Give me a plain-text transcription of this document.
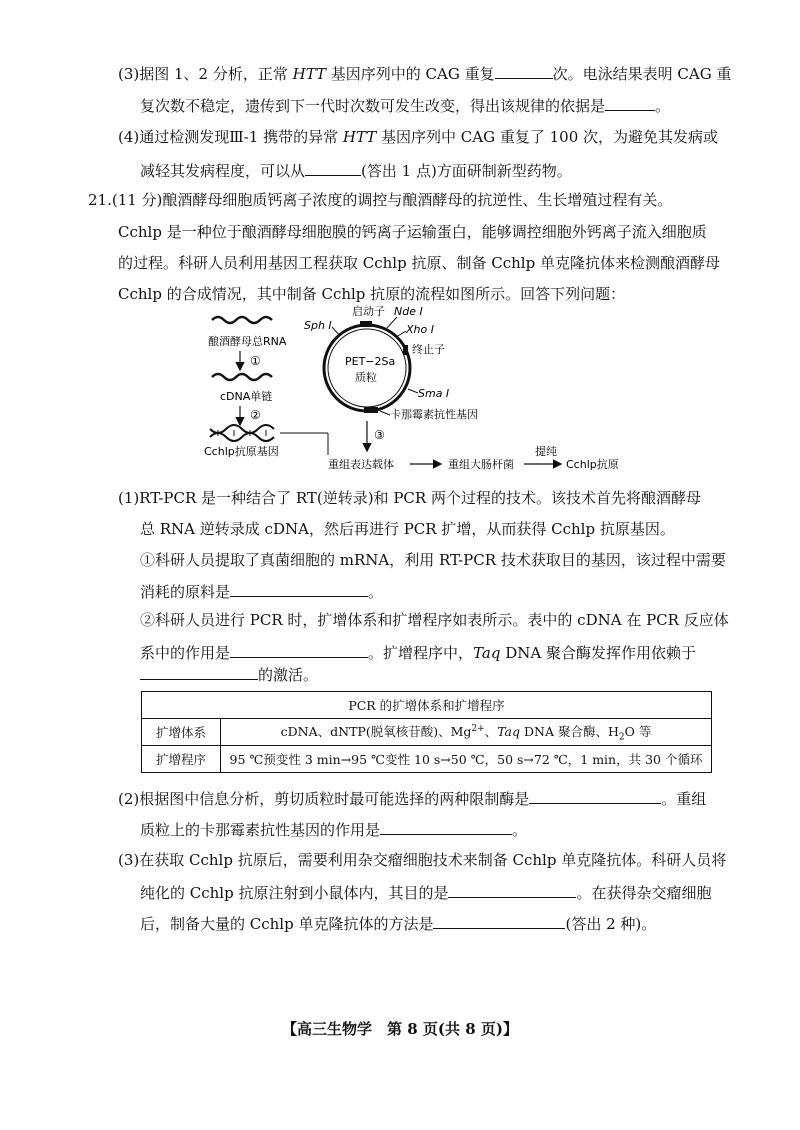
(3)据图 1、2 分析，正常 HTT 基因序列中的 CAG 重复	次。电泳结果表明 CAG 重
复次数不稳定，遗传到下一代时次数可发生改变，得出该规律的依据是	。
(4)通过检测发现Ⅲ-1 携带的异常 HTT 基因序列中 CAG 重复了 100 次，为避免其发病或
减轻其发病程度，可以从	(答出 1 点)方面研制新型药物。
21.(11 分)酿酒酵母细胞质钙离子浓度的调控与酿酒酵母的抗逆性、生长增殖过程有关。
Cchlp 是一种位于酿酒酵母细胞膜的钙离子运输蛋白，能够调控细胞外钙离子流入细胞质
的过程。科研人员利用基因工程获取 Cchlp 抗原、制备 Cchlp 单克隆抗体来检测酿酒酵母
Cchlp 的合成情况，其中制备 Cchlp 抗原的流程如图所示。回答下列问题：
酿酒酵母总RNA
①
cDNA单链
②
Cchlp抗原基因
PET−2Sa
质粒
启动子 Nde Ⅰ
Xho Ⅰ
Sph Ⅰ
终止子
Sma Ⅰ
卡那霉素抗性基因
③
重组表达载体	重组大肠杆菌
提纯
Cchlp抗原
(1)RT-PCR 是一种结合了 RT(逆转录)和 PCR 两个过程的技术。该技术首先将酿酒酵母
总 RNA 逆转录成 cDNA，然后再进行 PCR 扩增，从而获得 Cchlp 抗原基因。
①科研人员提取了真菌细胞的 mRNA，利用 RT-PCR 技术获取目的基因，该过程中需要
消耗的原料是	。
②科研人员进行 PCR 时，扩增体系和扩增程序如表所示。表中的 cDNA 在 PCR 反应体
系中的作用是	。扩增程序中，Taq DNA 聚合酶发挥作用依赖于
的激活。
PCR 的扩增体系和扩增程序	
扩增体系	cDNA、dNTP(脱氧核苷酸)、$Mg^{2+}$、Taq DNA 聚合酶、$H_2O$ 等
扩增程序	95 ℃预变性 3 min→95 ℃变性 10 s→50 ℃，50 s→72 ℃，1 min，共 30 个循环
(2)根据图中信息分析，剪切质粒时最可能选择的两种限制酶是	。重组
质粒上的卡那霉素抗性基因的作用是	。
(3)在获取 Cchlp 抗原后，需要利用杂交瘤细胞技术来制备 Cchlp 单克隆抗体。科研人员将
纯化的 Cchlp 抗原注射到小鼠体内，其目的是	。在获得杂交瘤细胞
后，制备大量的 Cchlp 单克隆抗体的方法是	(答出 2 种)。
【高三生物学　第 8 页(共 8 页)】
